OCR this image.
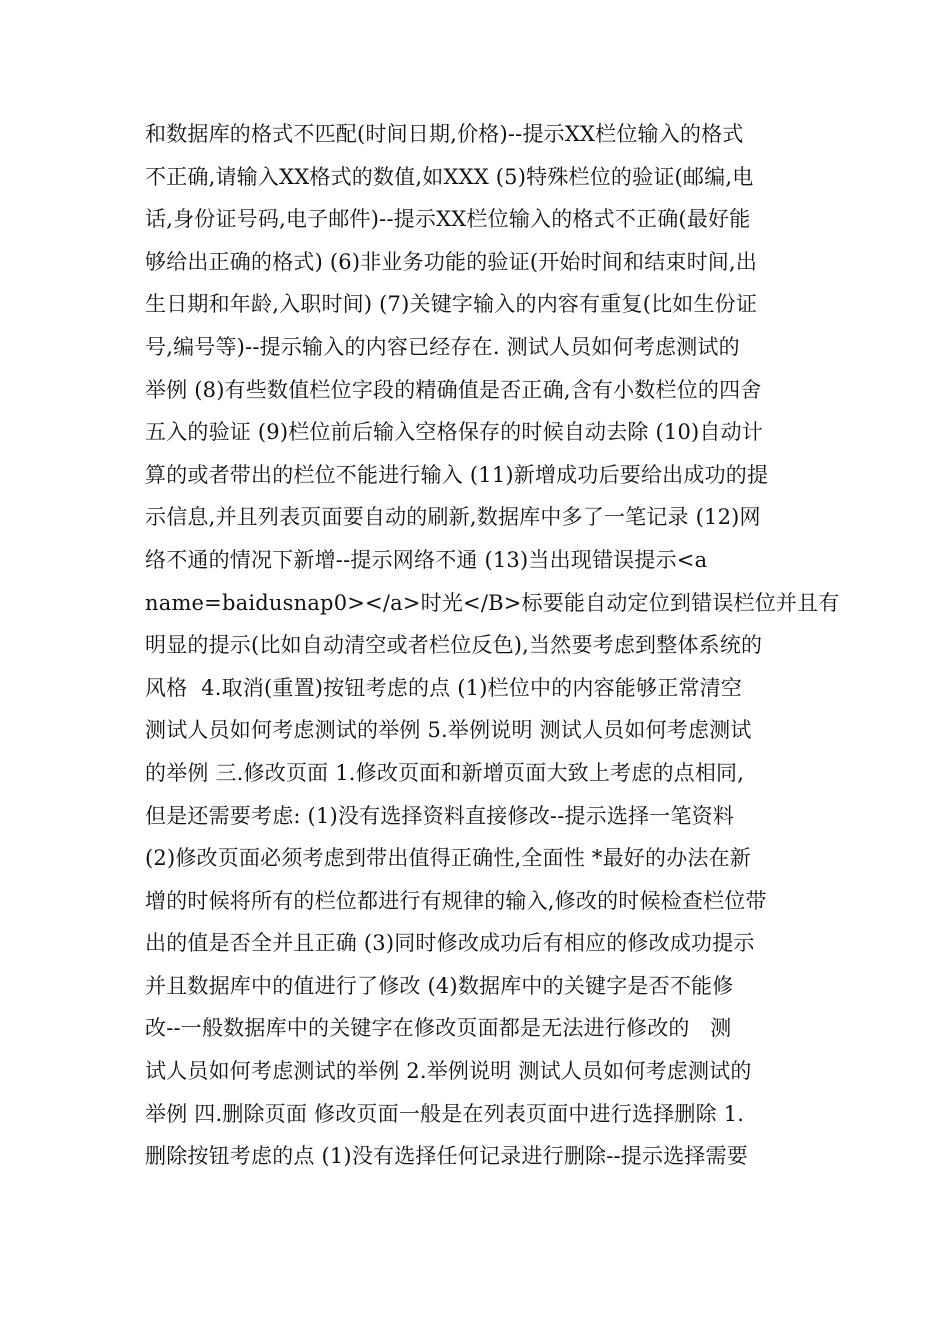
和数据库的格式不匹配(时间日期,价格)--提示XX栏位输入的格式
不正确,请输入XX格式的数值,如XXX (5)特殊栏位的验证(邮编,电
话,身份证号码,电子邮件)--提示XX栏位输入的格式不正确(最好能
够给出正确的格式) (6)非业务功能的验证(开始时间和结束时间,出
生日期和年龄,入职时间) (7)关键字输入的内容有重复(比如生份证
号,编号等)--提示输入的内容已经存在. 测试人员如何考虑测试的
举例 (8)有些数值栏位字段的精确值是否正确,含有小数栏位的四舍
五入的验证 (9)栏位前后输入空格保存的时候自动去除 (10)自动计
算的或者带出的栏位不能进行输入 (11)新增成功后要给出成功的提
示信息,并且列表页面要自动的刷新,数据库中多了一笔记录 (12)网
络不通的情况下新增--提示网络不通 (13)当出现错误提示<a
name=baidusnap0></a>时光</B>标要能自动定位到错误栏位并且有
明显的提示(比如自动清空或者栏位反色),当然要考虑到整体系统的
风格  4.取消(重置)按钮考虑的点 (1)栏位中的内容能够正常清空
测试人员如何考虑测试的举例 5.举例说明 测试人员如何考虑测试
的举例 三.修改页面 1.修改页面和新增页面大致上考虑的点相同,
但是还需要考虑: (1)没有选择资料直接修改--提示选择一笔资料
(2)修改页面必须考虑到带出值得正确性,全面性 *最好的办法在新
增的时候将所有的栏位都进行有规律的输入,修改的时候检查栏位带
出的值是否全并且正确 (3)同时修改成功后有相应的修改成功提示
并且数据库中的值进行了修改 (4)数据库中的关键字是否不能修
改--一般数据库中的关键字在修改页面都是无法进行修改的   测
试人员如何考虑测试的举例 2.举例说明 测试人员如何考虑测试的
举例 四.删除页面 修改页面一般是在列表页面中进行选择删除 1.
删除按钮考虑的点 (1)没有选择任何记录进行删除--提示选择需要
